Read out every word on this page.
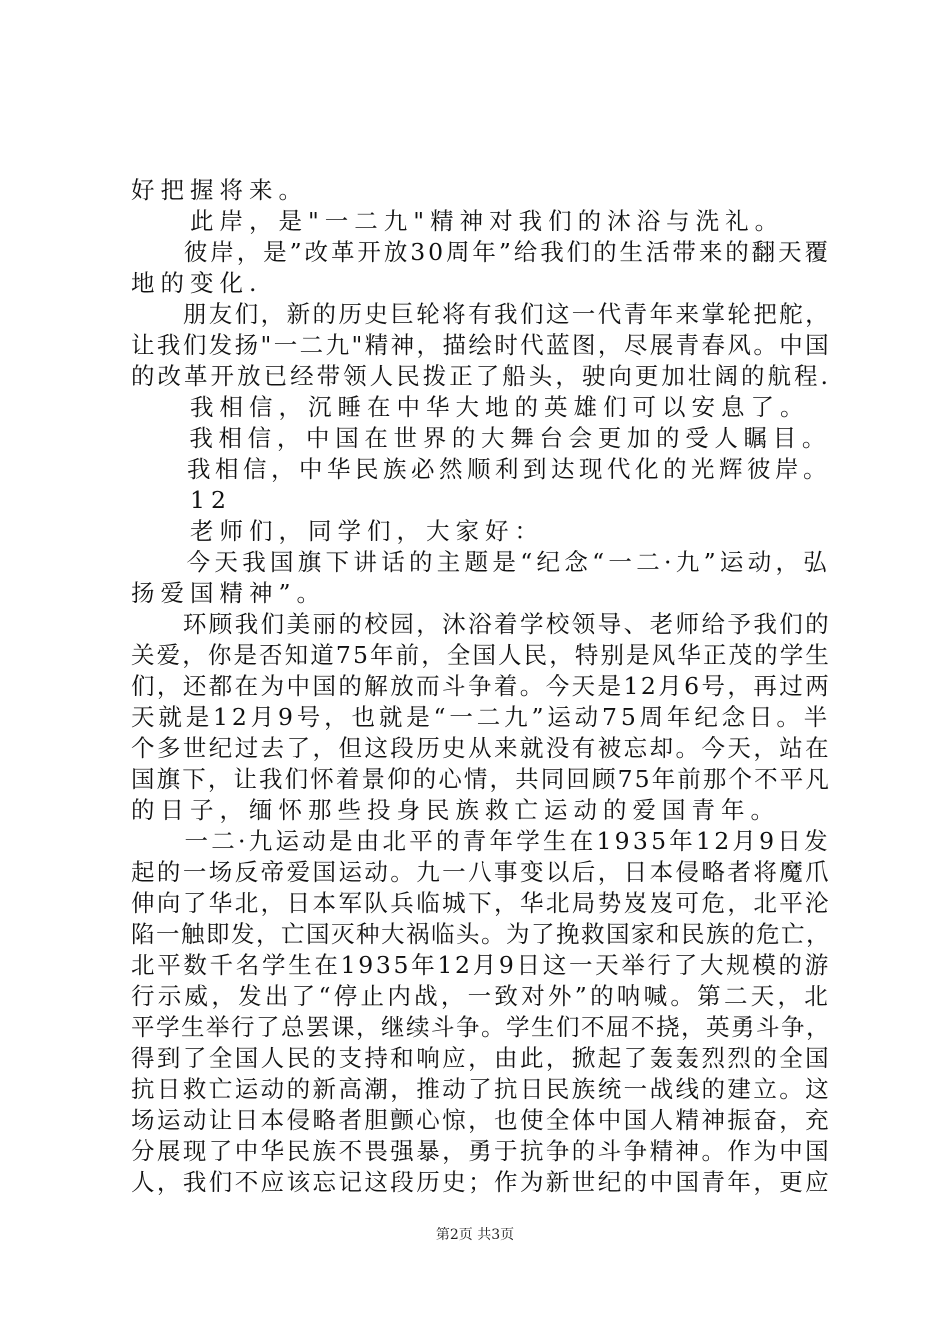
好把握将来。
　　此岸，是"一二九"精神对我们的沐浴与洗礼。
　　彼岸，是”改革开放30周年”给我们的生活带来的翻天覆
地的变化.
　　朋友们，新的历史巨轮将有我们这一代青年来掌轮把舵，
让我们发扬"一二九"精神，描绘时代蓝图，尽展青春风。中国
的改革开放已经带领人民拨正了船头，驶向更加壮阔的航程.
　　我相信，沉睡在中华大地的英雄们可以安息了。
　　我相信，中国在世界的大舞台会更加的受人瞩目。
　　我相信，中华民族必然顺利到达现代化的光辉彼岸。
　　12
　　老师们，同学们，大家好：
　　今天我国旗下讲话的主题是“纪念“一二·九”运动，弘
扬爱国精神”。
　　环顾我们美丽的校园，沐浴着学校领导、老师给予我们的
关爱，你是否知道75年前，全国人民，特别是风华正茂的学生
们，还都在为中国的解放而斗争着。今天是12月6号，再过两
天就是12月9号，也就是“一二九”运动75周年纪念日。半
个多世纪过去了，但这段历史从来就没有被忘却。今天，站在
国旗下，让我们怀着景仰的心情，共同回顾75年前那个不平凡
的日子，缅怀那些投身民族救亡运动的爱国青年。
　　一二·九运动是由北平的青年学生在1935年12月9日发
起的一场反帝爱国运动。九一八事变以后，日本侵略者将魔爪
伸向了华北，日本军队兵临城下，华北局势岌岌可危，北平沦
陷一触即发，亡国灭种大祸临头。为了挽救国家和民族的危亡，
北平数千名学生在1935年12月9日这一天举行了大规模的游
行示威，发出了“停止内战，一致对外”的呐喊。第二天，北
平学生举行了总罢课，继续斗争。学生们不屈不挠，英勇斗争，
得到了全国人民的支持和响应，由此，掀起了轰轰烈烈的全国
抗日救亡运动的新高潮，推动了抗日民族统一战线的建立。这
场运动让日本侵略者胆颤心惊，也使全体中国人精神振奋，充
分展现了中华民族不畏强暴，勇于抗争的斗争精神。作为中国
人，我们不应该忘记这段历史；作为新世纪的中国青年，更应
第2页 共3页
